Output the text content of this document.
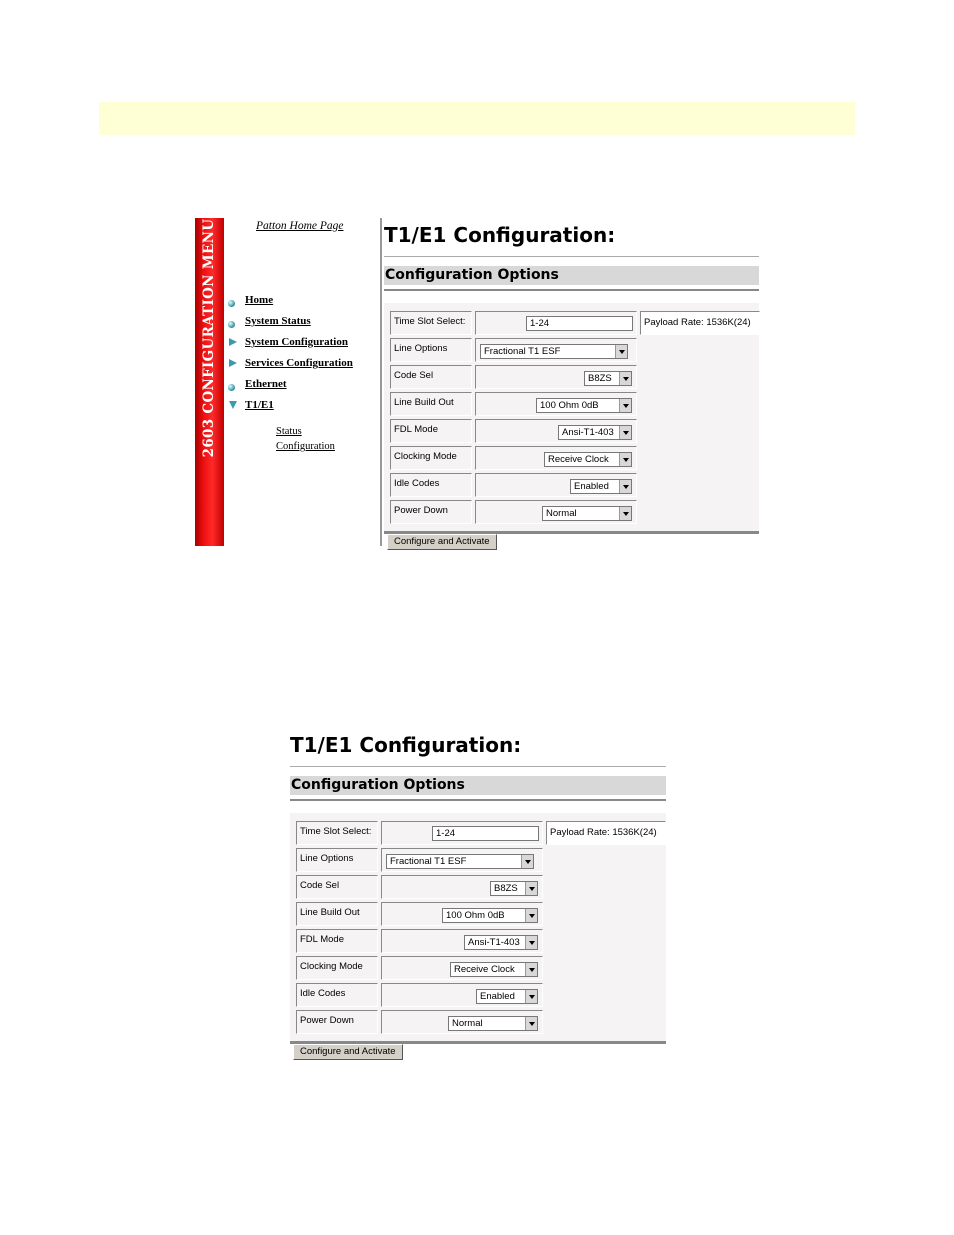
2603 CONFIGURATION MENU	Patton Home Page
Home
System Status
System Configuration
Services Configuration
Ethernet
T1/E1
Status
Configuration
T1/E1 Configuration:
Configuration Options
Time Slot Select:	1-24	Payload Rate: 1536K(24)
Line Options	Fractional T1 ESF
Code Sel	B8ZS
Line Build Out	100 Ohm 0dB
FDL Mode	Ansi-T1-403
Clocking Mode	Receive Clock
Idle Codes	Enabled
Power Down	Normal
Configure and Activate
T1/E1 Configuration:
Configuration Options
Time Slot Select:	1-24	Payload Rate: 1536K(24)
Line Options	Fractional T1 ESF
Code Sel	B8ZS
Line Build Out	100 Ohm 0dB
FDL Mode	Ansi-T1-403
Clocking Mode	Receive Clock
Idle Codes	Enabled
Power Down	Normal
Configure and Activate
